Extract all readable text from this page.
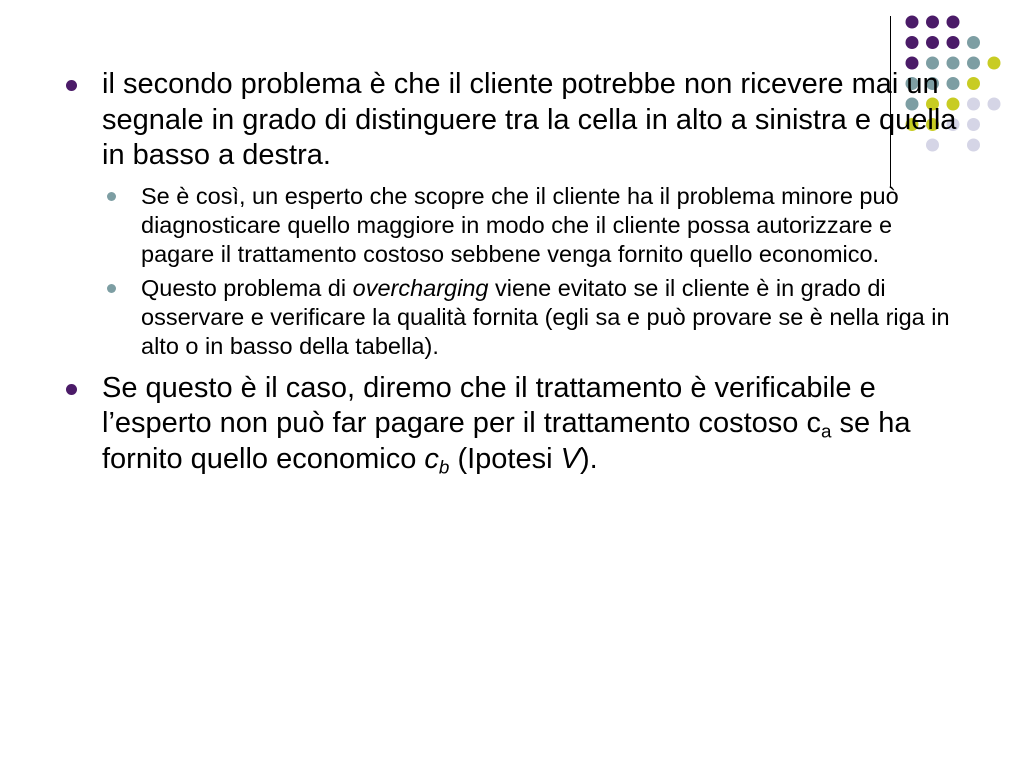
il secondo problema è che il cliente potrebbe non ricevere mai un segnale in grado di distinguere tra la cella in alto a sinistra e quella in basso a destra.
Se è così, un esperto che scopre che il cliente ha il problema minore può diagnosticare quello maggiore in modo che il cliente possa autorizzare e pagare il trattamento costoso sebbene venga fornito quello economico.
Questo problema di overcharging viene evitato se il cliente è in grado di osservare e verificare la qualità fornita (egli sa e può provare se è nella riga in alto o in basso della tabella).
Se questo è il caso, diremo che il trattamento è verificabile e l’esperto non può far pagare per il trattamento costoso $c_a$ se ha fornito quello economico $c_b$ (Ipotesi V).
